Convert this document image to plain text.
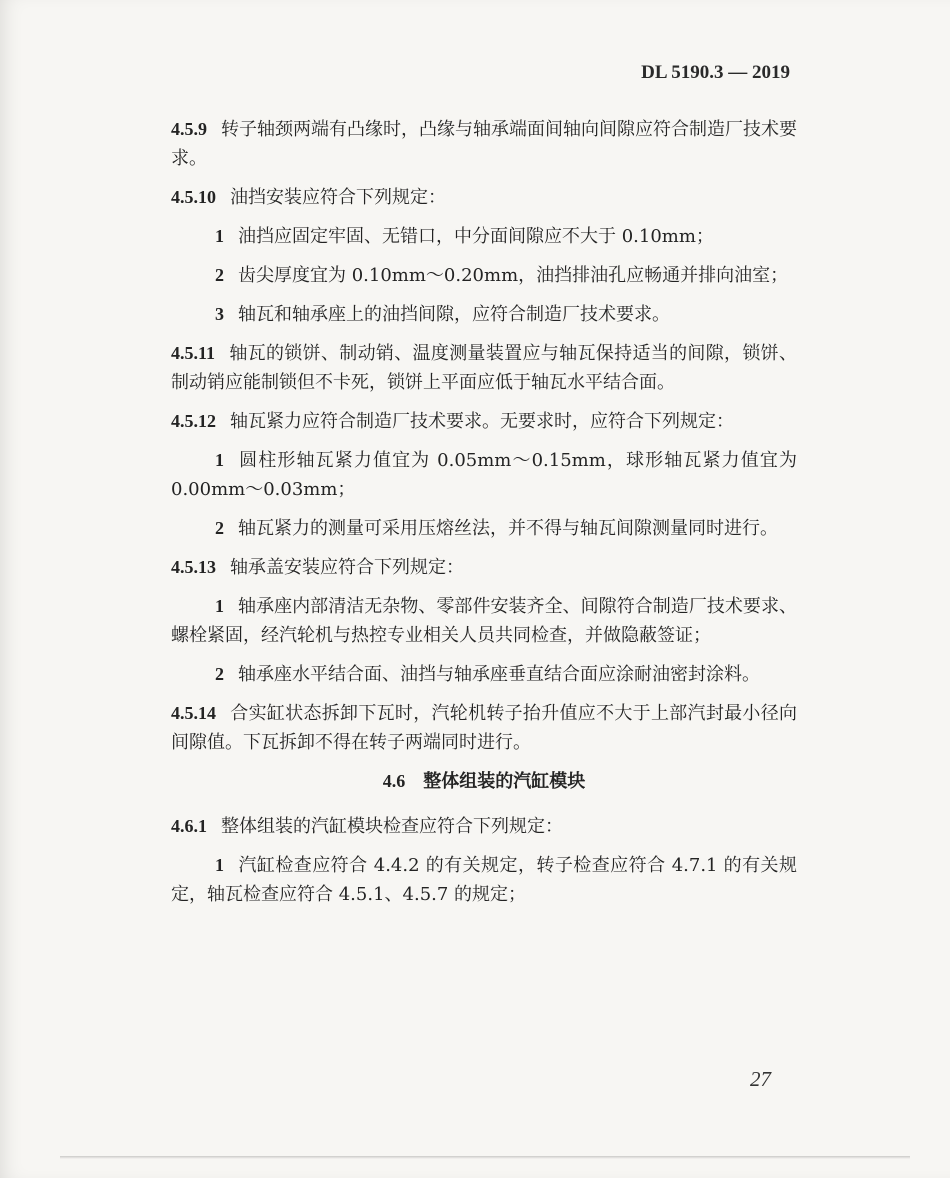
DL 5190.3 — 2019

4.5.9 转子轴颈两端有凸缘时，凸缘与轴承端面间轴向间隙应符合制造厂技术要求。

4.5.10 油挡安装应符合下列规定：

1 油挡应固定牢固、无错口，中分面间隙应不大于 0.10mm；

2 齿尖厚度宜为 0.10mm～0.20mm，油挡排油孔应畅通并排向油室；

3 轴瓦和轴承座上的油挡间隙，应符合制造厂技术要求。

4.5.11 轴瓦的锁饼、制动销、温度测量装置应与轴瓦保持适当的间隙，锁饼、制动销应能制锁但不卡死，锁饼上平面应低于轴瓦水平结合面。

4.5.12 轴瓦紧力应符合制造厂技术要求。无要求时，应符合下列规定：

1 圆柱形轴瓦紧力值宜为 0.05mm～0.15mm，球形轴瓦紧力值宜为 0.00mm～0.03mm；

2 轴瓦紧力的测量可采用压熔丝法，并不得与轴瓦间隙测量同时进行。

4.5.13 轴承盖安装应符合下列规定：

1 轴承座内部清洁无杂物、零部件安装齐全、间隙符合制造厂技术要求、螺栓紧固，经汽轮机与热控专业相关人员共同检查，并做隐蔽签证；

2 轴承座水平结合面、油挡与轴承座垂直结合面应涂耐油密封涂料。

4.5.14 合实缸状态拆卸下瓦时，汽轮机转子抬升值应不大于上部汽封最小径向间隙值。下瓦拆卸不得在转子两端同时进行。

4.6 整体组装的汽缸模块

4.6.1 整体组装的汽缸模块检查应符合下列规定：

1 汽缸检查应符合 4.4.2 的有关规定，转子检查应符合 4.7.1 的有关规定，轴瓦检查应符合 4.5.1、4.5.7 的规定；

27
